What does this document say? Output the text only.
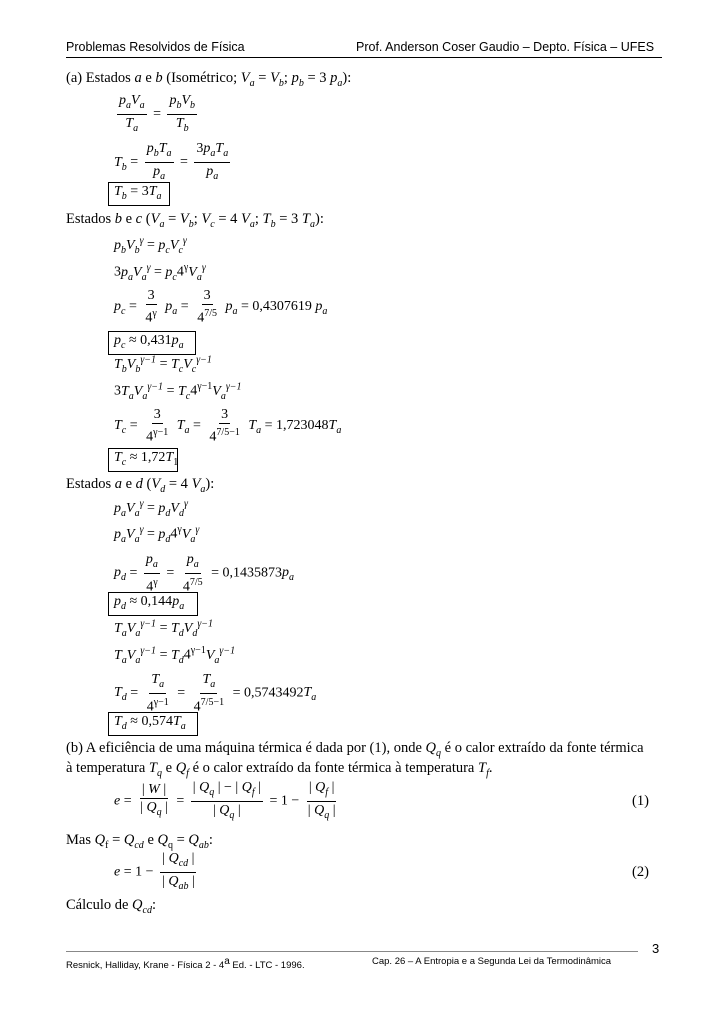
Problemas Resolvidos de Física	Prof. Anderson Coser Gaudio – Depto. Física – UFES
(a) Estados a e b (Isométrico; $V_a = V_b$; $p_b = 3$ $p_a$):
$\frac{p_aV_a}{T_a} = \frac{p_bV_b}{T_b}$
$T_b = \frac{p_bT_a}{p_a} = \frac{3p_aT_a}{p_a}$
$T_b = 3T_a$
Estados b e c ($V_a = V_b$; $V_c = 4$ $V_a$; $T_b = 3$ $T_a$):
$p_bV_b^\gamma = p_cV_c^\gamma$
$3p_aV_a^\gamma = p_c4^\gamma V_a^\gamma$
$p_c = \frac{3}{4^\gamma} p_a = \frac{3}{4^{7/5}} p_a = 0,4307619$ $p_a$
$p_c \approx 0,431p_a$
$T_bV_b^{\gamma-1} = T_cV_c^{\gamma-1}$
$3T_aV_a^{\gamma-1} = T_c4^{\gamma-1}V_a^{\gamma-1}$
$T_c = \frac{3}{4^{\gamma-1}} T_a = \frac{3}{4^{7/5-1}} T_a = 1,723048T_a$
$T_c \approx 1,72T_1$
Estados a e d ($V_d = 4$ $V_a$):
$p_aV_a^\gamma = p_dV_d^\gamma$
$p_aV_a^\gamma = p_d4^\gamma V_a^\gamma$
$p_d = \frac{p_a}{4^\gamma} = \frac{p_a}{4^{7/5}} = 0,1435873p_a$
$p_d \approx 0,144p_a$
$T_aV_a^{\gamma-1} = T_dV_d^{\gamma-1}$
$T_aV_a^{\gamma-1} = T_d4^{\gamma-1}V_a^{\gamma-1}$
$T_d = \frac{T_a}{4^{\gamma-1}} = \frac{T_a}{4^{7/5-1}} = 0,5743492T_a$
$T_d \approx 0,574T_a$
(b) A eficiência de uma máquina térmica é dada por (1), onde $Q_q$ é o calor extraído da fonte térmica
à temperatura $T_q$ e $Q_f$ é o calor extraído da fonte térmica à temperatura $T_f$.
$e = \frac{| W |}{| Q_q |} = \frac{| Q_q | - | Q_f |}{| Q_q |} = 1 - \frac{| Q_f |}{| Q_q |}$	(1)
Mas $Q_f = Q_{cd}$ e $Q_q = Q_{ab}$:
$e = 1 - \frac{| Q_{cd} |}{| Q_{ab} |}$	(2)
Cálculo de $Q_{cd}$:
3
Resnick, Halliday, Krane - Física 2 - 4$^a$ Ed. - LTC - 1996.	Cap. 26 – A Entropia e a Segunda Lei da Termodinâmica
